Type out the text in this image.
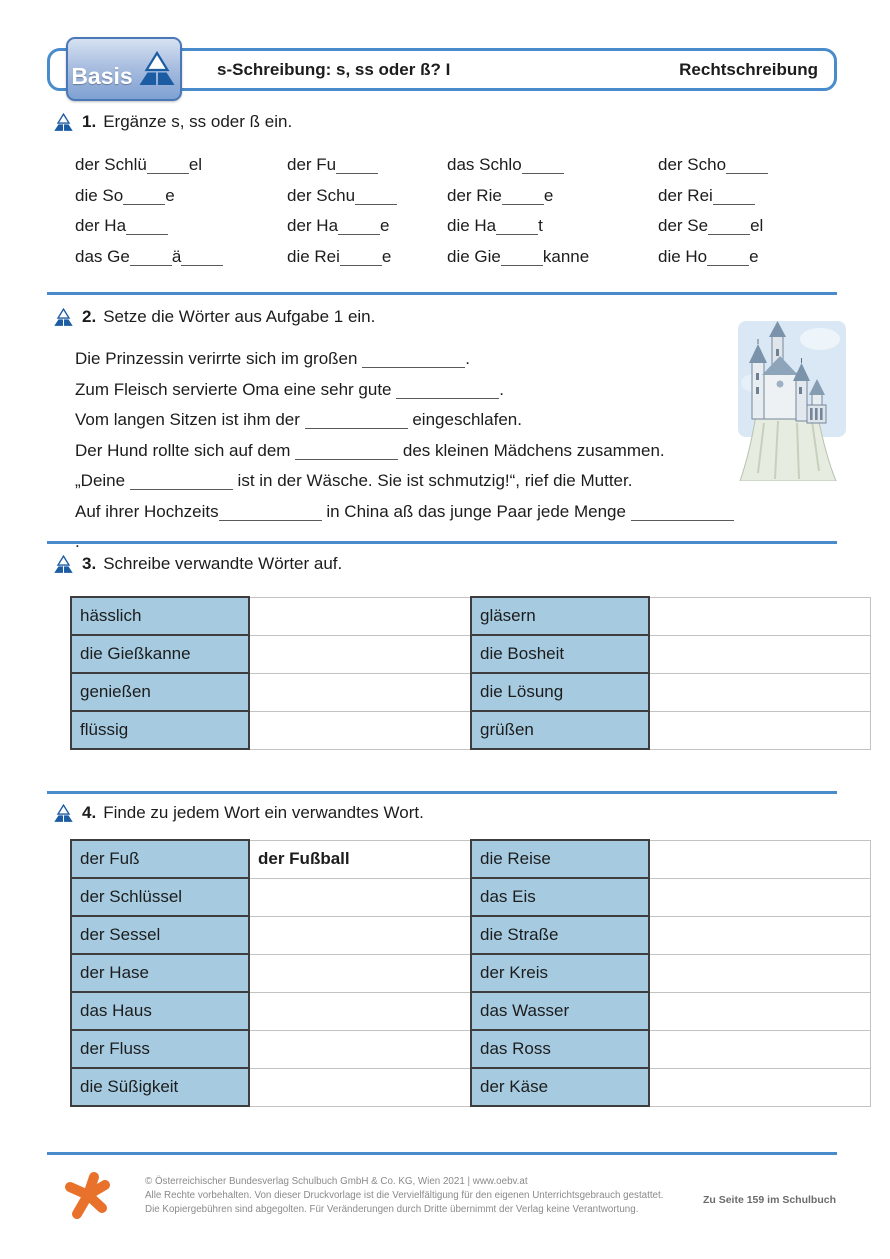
s-Schreibung: s, ss oder ß? I	Rechtschreibung
Basis
1. Ergänze s, ss oder ß ein.
der Schlü el	der Fu	das Schlo	der Scho
die So e	der Schu	der Rie e	der Rei
der Ha	der Ha e	die Ha t	der Se el
das Ge ä	die Rei e	die Gie kanne	die Ho e
2. Setze die Wörter aus Aufgabe 1 ein.
Die Prinzessin verirrte sich im großen	.
Zum Fleisch servierte Oma eine sehr gute	.
Vom langen Sitzen ist ihm der	eingeschlafen.
Der Hund rollte sich auf dem	des kleinen Mädchens zusammen.
„Deine	ist in der Wäsche. Sie ist schmutzig!“, rief die Mutter.
Auf ihrer Hochzeits	in China aß das junge Paar jede Menge
3. Schreibe verwandte Wörter auf.
hässlich		gläsern	
die Gießkanne		die Bosheit	
genießen		die Lösung	
flüssig		grüßen	
4. Finde zu jedem Wort ein verwandtes Wort.
der Fuß	der Fußball	die Reise	
der Schlüssel		das Eis	
der Sessel		die Straße	
der Hase		der Kreis	
das Haus		das Wasser	
der Fluss		das Ross	
die Süßigkeit		der Käse	
© Österreichischer Bundesverlag Schulbuch GmbH & Co. KG, Wien 2021 | www.oebv.at
Alle Rechte vorbehalten. Von dieser Druckvorlage ist die Vervielfältigung für den eigenen Unterrichtsgebrauch gestattet.
Die Kopiergebühren sind abgegolten. Für Veränderungen durch Dritte übernimmt der Verlag keine Verantwortung.
Zu Seite 159 im Schulbuch
